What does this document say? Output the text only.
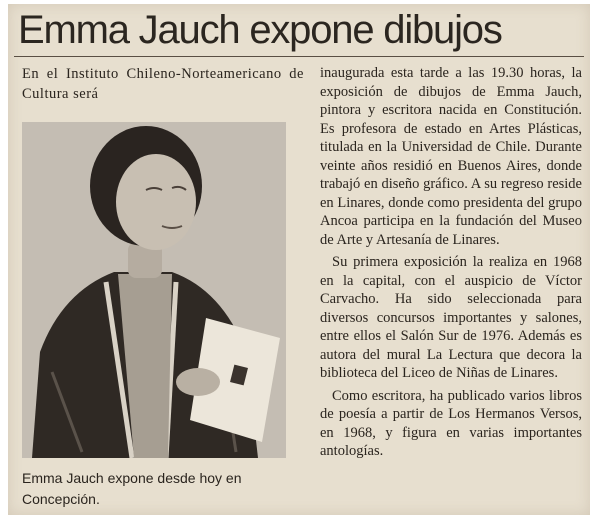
Emma Jauch expone dibujos

En el Instituto Chileno-Norteamericano de Cultura será

Emma Jauch expone desde hoy en Concepción.

inaugurada esta tarde a las 19.30 horas, la exposición de dibujos de Emma Jauch, pintora y escritora nacida en Constitución. Es profesora de estado en Artes Plásticas, titulada en la Universidad de Chile. Durante veinte años residió en Buenos Aires, donde trabajó en diseño gráfico. A su regreso reside en Linares, donde como presidenta del grupo Ancoa participa en la fundación del Museo de Arte y Artesanía de Linares.

Su primera exposición la realiza en 1968 en la capital, con el auspicio de Víctor Carvacho. Ha sido seleccionada para diversos concursos importantes y salones, entre ellos el Salón Sur de 1976. Además es autora del mural La Lectura que decora la biblioteca del Liceo de Niñas de Linares.

Como escritora, ha publicado varios libros de poesía a partir de Los Hermanos Versos, en 1968, y figura en varias importantes antologías.
